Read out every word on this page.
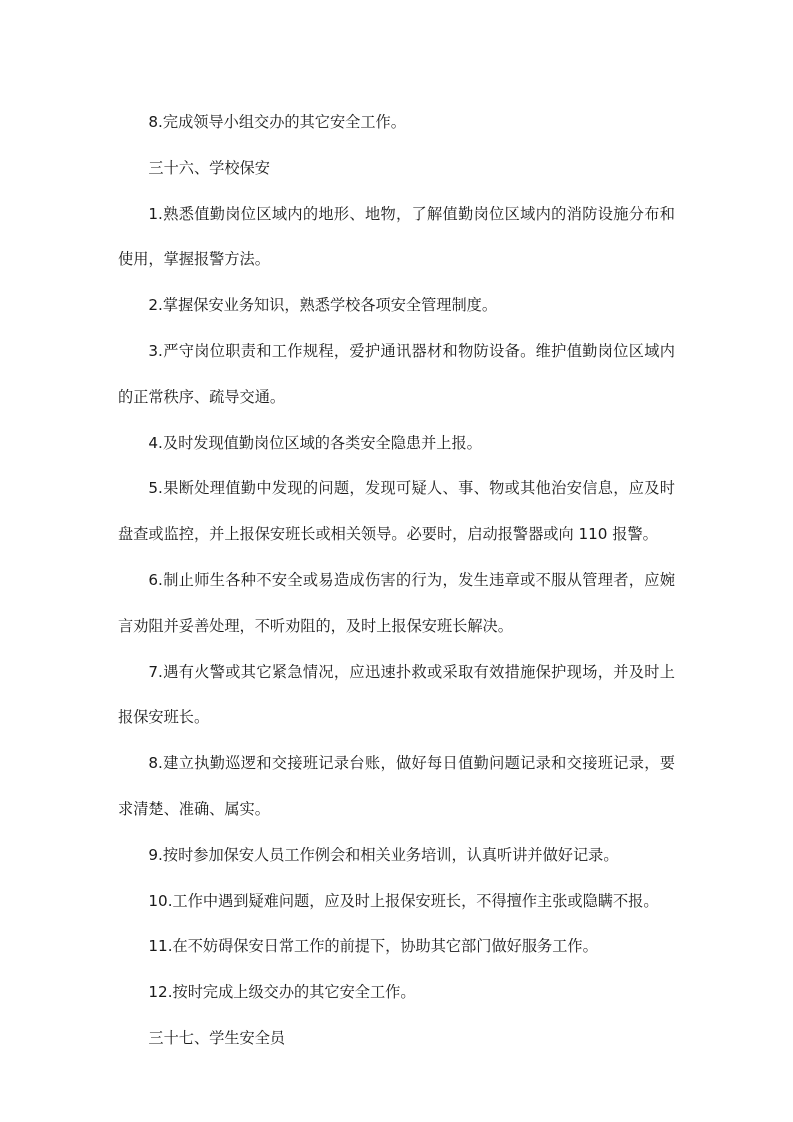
8.完成领导小组交办的其它安全工作。

三十六、学校保安

1.熟悉值勤岗位区域内的地形、地物，了解值勤岗位区域内的消防设施分布和使用，掌握报警方法。

2.掌握保安业务知识，熟悉学校各项安全管理制度。

3.严守岗位职责和工作规程，爱护通讯器材和物防设备。维护值勤岗位区域内的正常秩序、疏导交通。

4.及时发现值勤岗位区域的各类安全隐患并上报。

5.果断处理值勤中发现的问题，发现可疑人、事、物或其他治安信息，应及时盘查或监控，并上报保安班长或相关领导。必要时，启动报警器或向 110 报警。

6.制止师生各种不安全或易造成伤害的行为，发生违章或不服从管理者，应婉言劝阻并妥善处理，不听劝阻的，及时上报保安班长解决。

7.遇有火警或其它紧急情况，应迅速扑救或采取有效措施保护现场，并及时上报保安班长。

8.建立执勤巡逻和交接班记录台账，做好每日值勤问题记录和交接班记录，要求清楚、准确、属实。

9.按时参加保安人员工作例会和相关业务培训，认真听讲并做好记录。

10.工作中遇到疑难问题，应及时上报保安班长，不得擅作主张或隐瞒不报。

11.在不妨碍保安日常工作的前提下，协助其它部门做好服务工作。

12.按时完成上级交办的其它安全工作。

三十七、学生安全员
